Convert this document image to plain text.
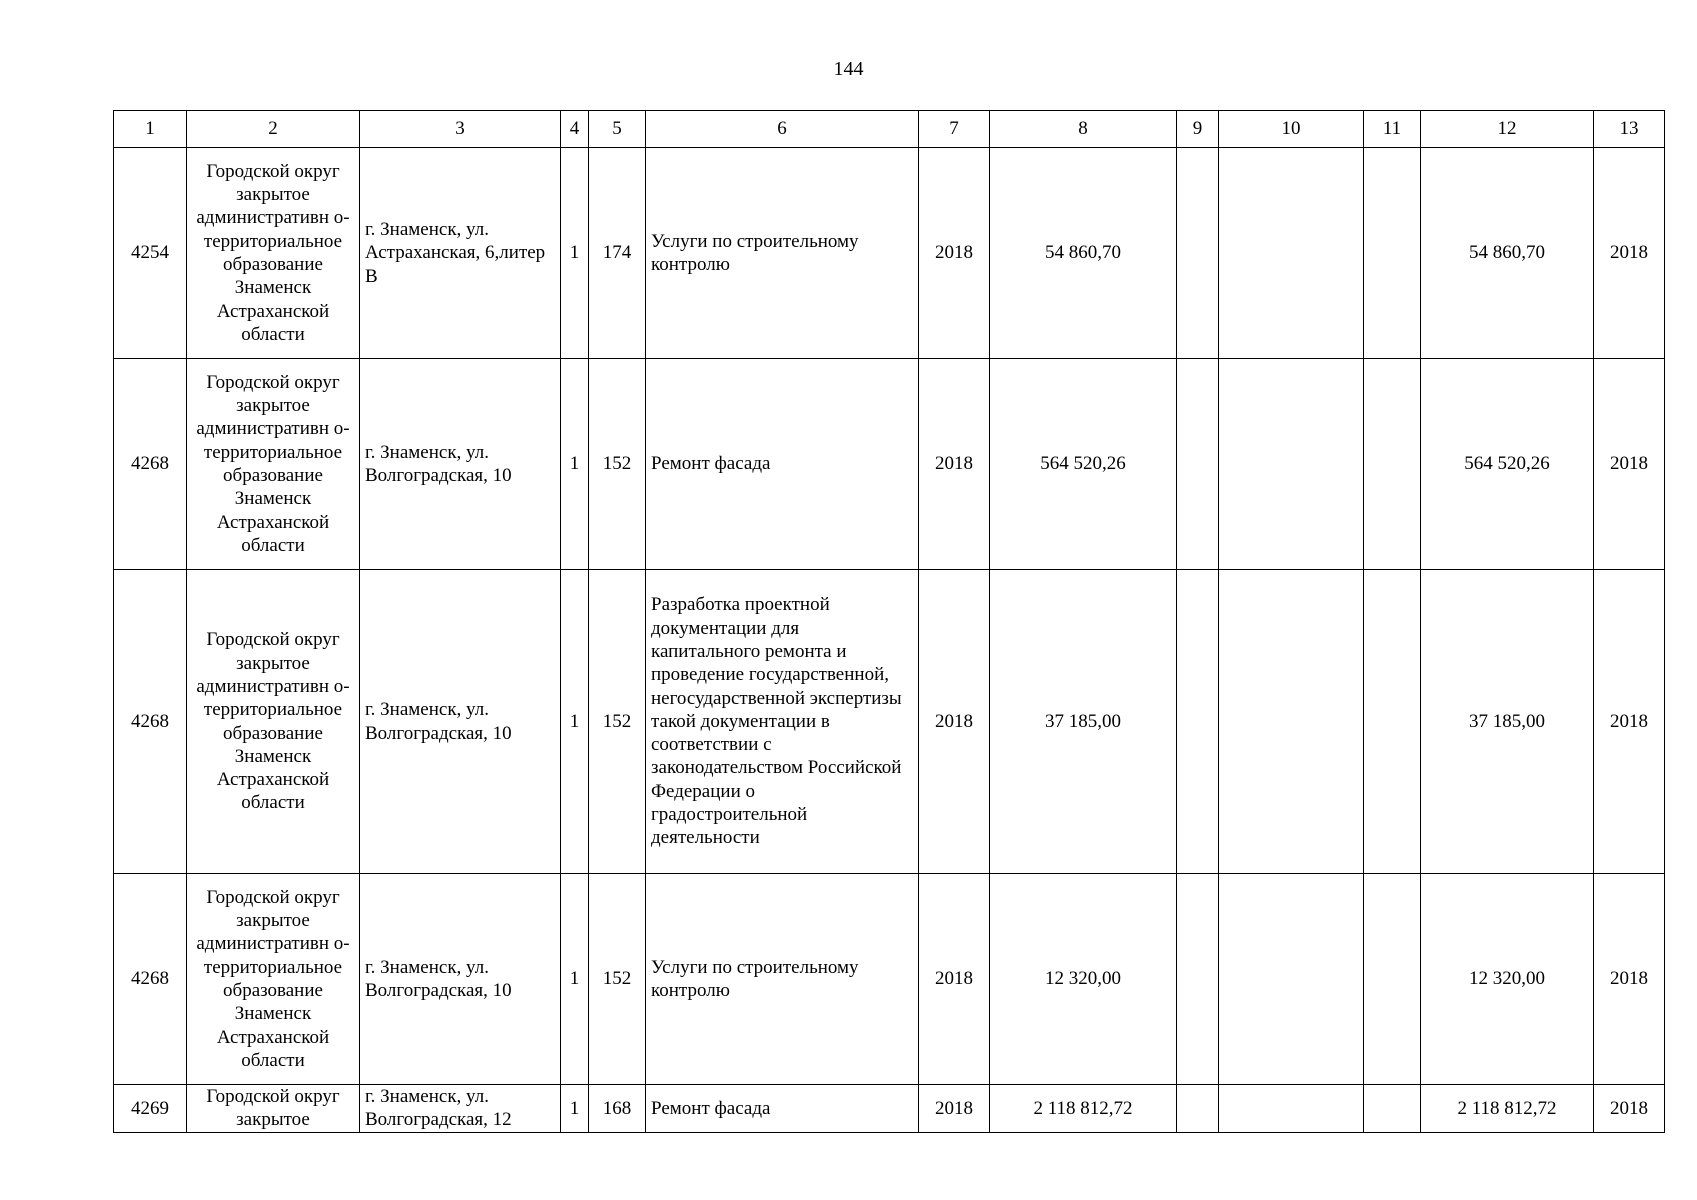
144
1	2	3	4	5	6	7	8	9	10	11	12	13
4254	Городской округ закрытое административн о-территориальное образование Знаменск Астраханской области	г. Знаменск, ул. Астраханская, 6,литер В	1	174	Услуги по строительному контролю	2018	54 860,70				54 860,70	2018
4268	Городской округ закрытое административн о-территориальное образование Знаменск Астраханской области	г. Знаменск, ул. Волгоградская, 10	1	152	Ремонт фасада	2018	564 520,26				564 520,26	2018
4268	Городской округ закрытое административн о-территориальное образование Знаменск Астраханской области	г. Знаменск, ул. Волгоградская, 10	1	152	Разработка проектной документации для капитального ремонта и проведение государственной, негосударственной экспертизы такой документации в соответствии с законодательством Российской Федерации о градостроительной деятельности	2018	37 185,00				37 185,00	2018
4268	Городской округ закрытое административн о-территориальное образование Знаменск Астраханской области	г. Знаменск, ул. Волгоградская, 10	1	152	Услуги по строительному контролю	2018	12 320,00				12 320,00	2018
4269	Городской округ закрытое	г. Знаменск, ул. Волгоградская, 12	1	168	Ремонт фасада	2018	2 118 812,72				2 118 812,72	2018
